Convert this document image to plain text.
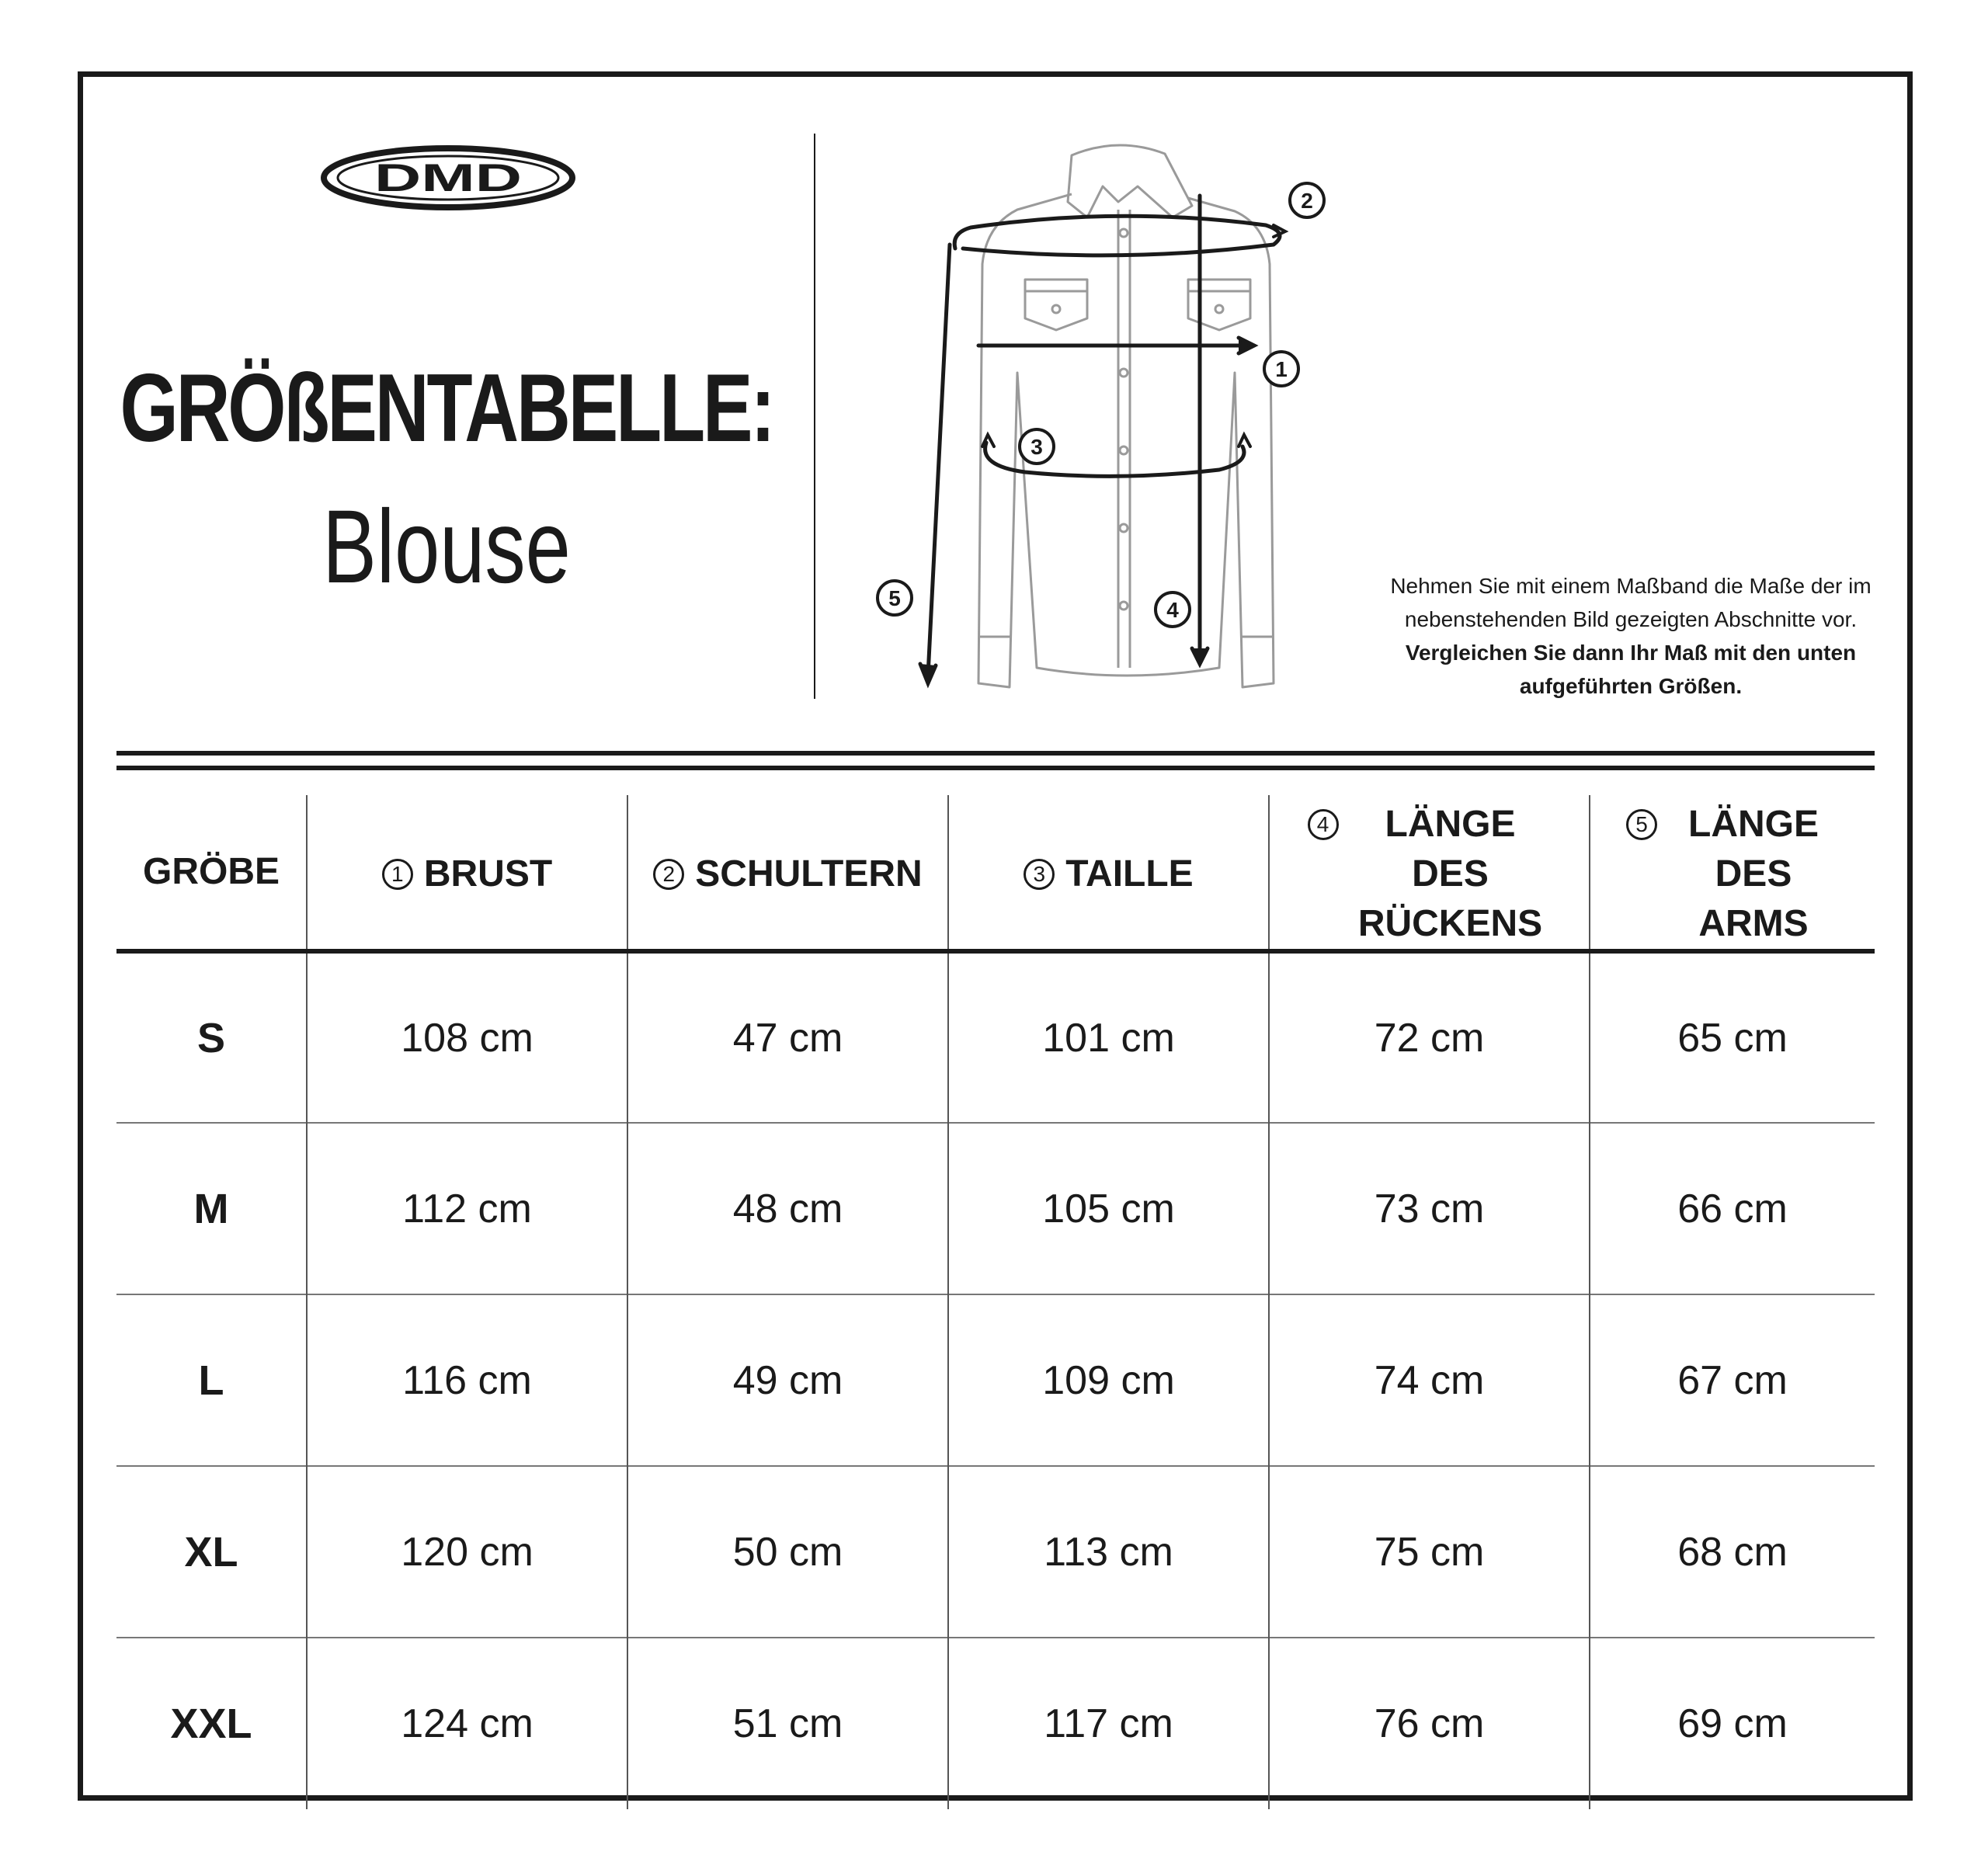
DMD
GRÖßENTABELLE:
Blouse
2
1
3
4
5

Nehmen Sie mit einem Maßband die Maße der im

nebenstehenden Bild gezeigten Abschnitte vor.

Vergleichen Sie dann Ihr Maß mit den unten

aufgeführten Größen.

GRÖBE	1 BRUST	2 SCHULTERN	3 TAILLE	4 LÄNGE DES RÜCKENS	5 LÄNGE DES ARMS

S	108 cm	47 cm	101 cm	72 cm	65 cm
M	112 cm	48 cm	105 cm	73 cm	66 cm
L	116 cm	49 cm	109 cm	74 cm	67 cm
XL	120 cm	50 cm	113 cm	75 cm	68 cm
XXL	124 cm	51 cm	117 cm	76 cm	69 cm
